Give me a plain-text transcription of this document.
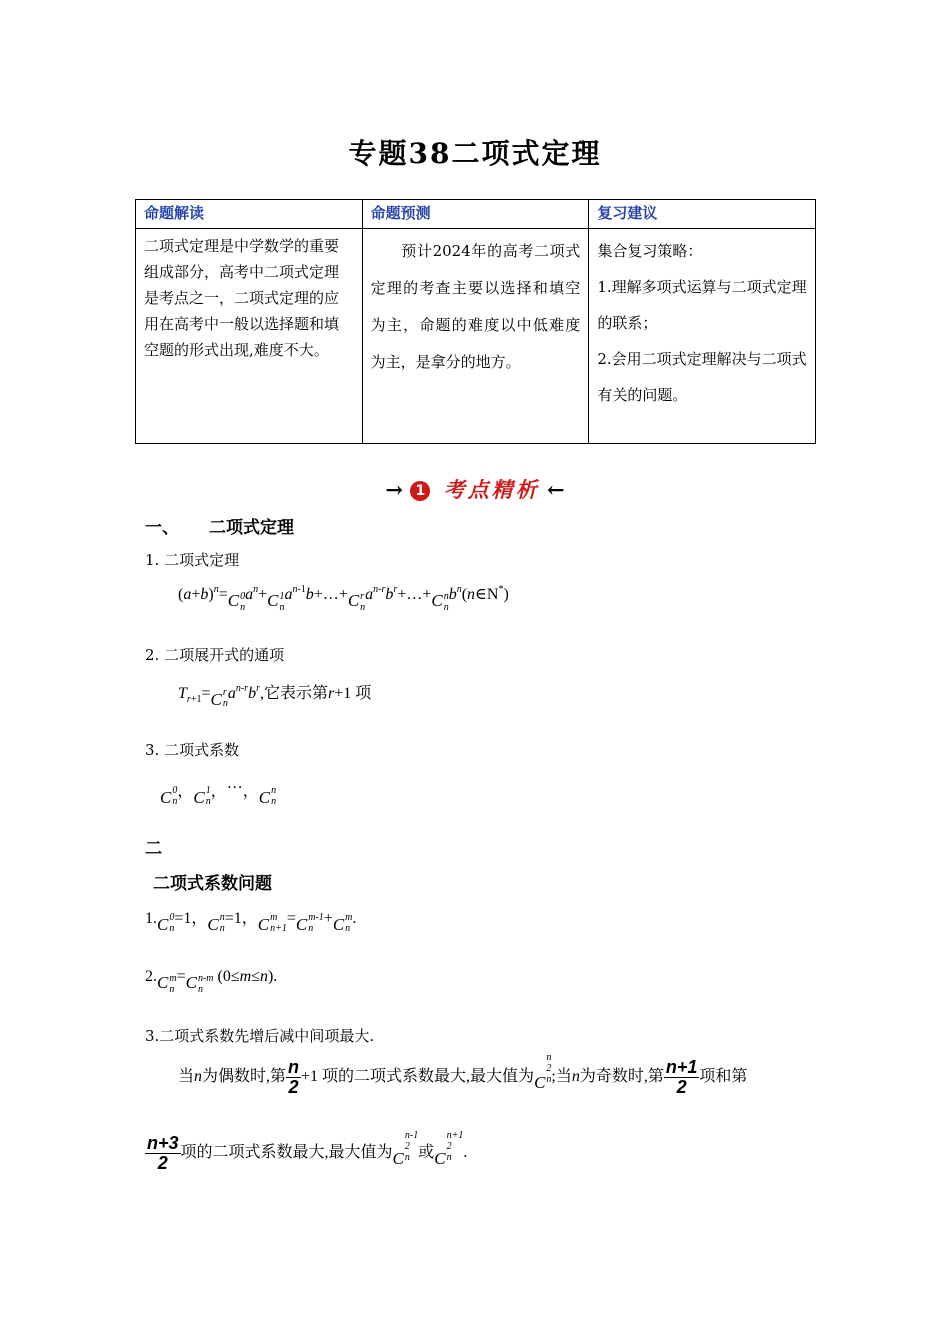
专题38二项式定理
命题解读	命题预测	复习建议
二项式定理是中学数学的重要组成部分，高考中二项式定理是考点之一，二项式定理的应用在高考中一般以选择题和填空题的形式出现,难度不大。	预计2024年的高考二项式定理的考查主要以选择和填空为主，命题的难度以中低难度为主，是拿分的地方。	集合复习策略：
1.理解多项式运算与二项式定理的联系；
2.会用二项式定理解决与二项式有关的问题。
→ 1 考点精析 ←
一、 二项式定理
1. 二项式定理
$(a+b)^n=C0$
$na^n+C1$
$na^{n-1}b+\dots+Cr$
$na^{n-r}b^r+\dots+Cn$
$nb^n(n\in N^*)$
2. 二项展开式的通项
$T_{r+1}=Cr$
$na^{n-r}b^r$,它表示第r+1 项
3. 二项式系数
C0
n，C1
n，…，Cn
n
二
二项式系数问题
1.C0
n=1，Cn
n=1，Cm
n+1=Cm-1
n+Cm
n.
2.Cm
n=Cn-m
n (0≤m≤n).
3.二项式系数先增后减中间项最大.
当n为偶数时,第 $\frac{n}{2} +1$ 项的二项式系数最大,最大值为Cn
2
n;当n为奇数时,第 $\frac{n+1}{2}$ 项和第
$\frac{n+3}{2}$ 项的二项式系数最大,最大值为Cn-1
2
n 或Cn+1
2
n .
